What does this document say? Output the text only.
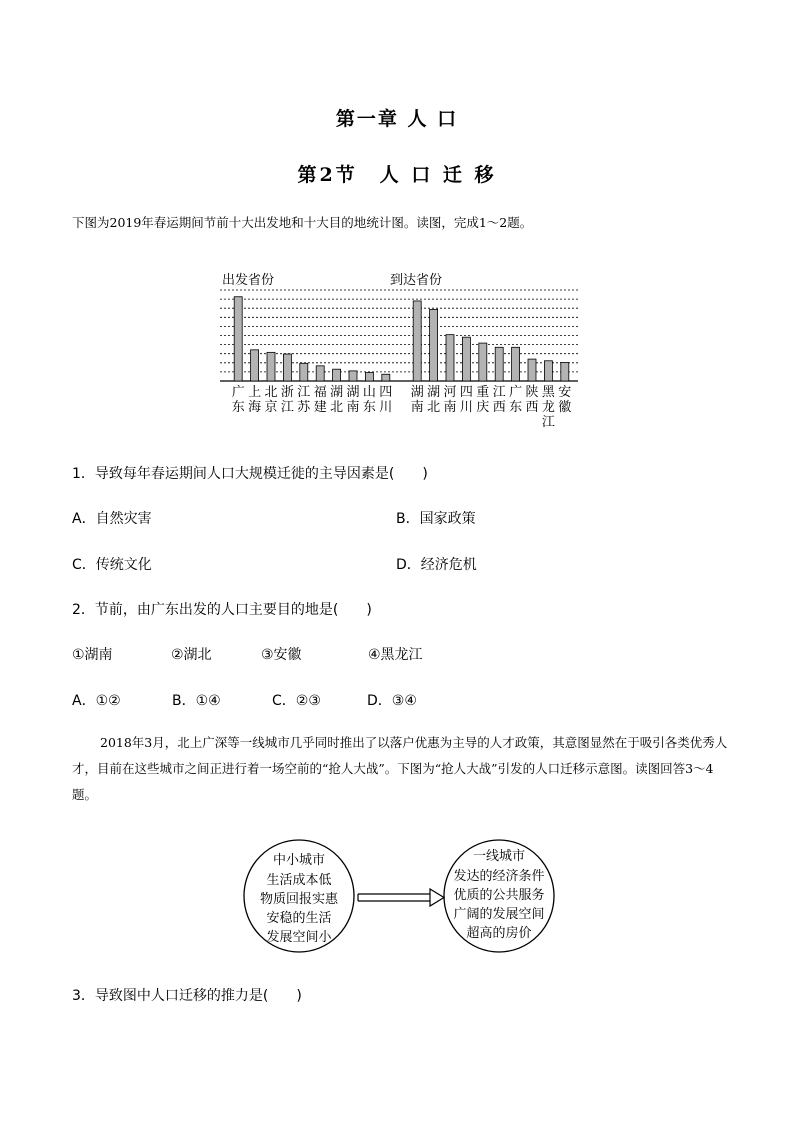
第一章 人 口
第2节　人 口 迁 移
下图为2019年春运期间节前十大出发地和十大目的地统计图。读图，完成1～2题。
出发省份	到达省份
广东
上海
北京
浙江
江苏
福建
湖北
湖南
山东
四川
湖南
湖北
河南
四川
重庆
江西
广东
陕西
黑龙江
安徽
1．导致每年春运期间人口大规模迁徙的主导因素是(　　)
A．自然灾害	B．国家政策
C．传统文化	D．经济危机
2．节前，由广东出发的人口主要目的地是(　　)
①湖南	②湖北	③安徽	④黑龙江
A．①②	B．①④	C．②③	D．③④
2018年3月，北上广深等一线城市几乎同时推出了以落户优惠为主导的人才政策，其意图显然在于吸引各类优秀人才，目前在这些城市之间正进行着一场空前的“抢人大战”。下图为“抢人大战”引发的人口迁移示意图。读图回答3～4题。
中小城市
生活成本低
物质回报实惠
安稳的生活
发展空间小
一线城市
发达的经济条件
优质的公共服务
广阔的发展空间
超高的房价
3．导致图中人口迁移的推力是(　　)
